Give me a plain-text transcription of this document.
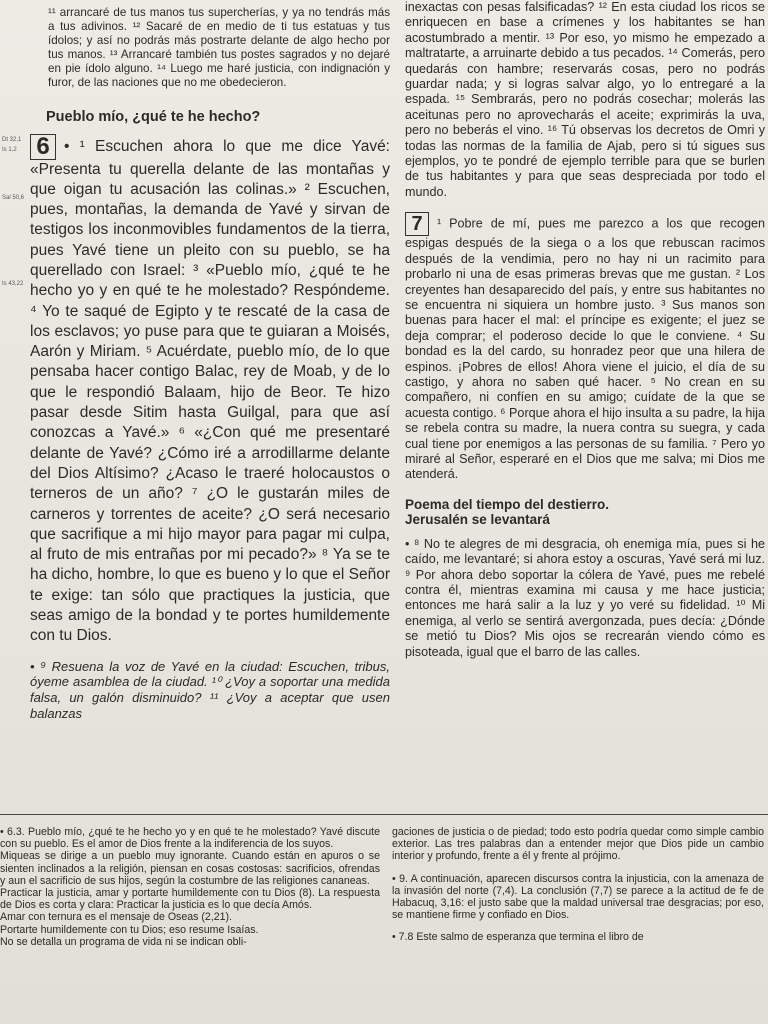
¹¹ arrancaré de tus manos tus supercherías, y ya no tendrás más a tus adivinos. ¹² Sacaré de en medio de ti tus estatuas y tus ídolos; y así no podrás más postrarte delante de algo hecho por tus manos. ¹³ Arrancaré también tus postes sagrados y no dejaré en pie ídolo alguno. ¹⁴ Luego me haré justicia, con indignación y furor, de las naciones que no me obedecieron.

Pueblo mío, ¿qué te he hecho?
Dt 32,1
Is 1,2
Sal 50,6
Is 43,22

6 • ¹ Escuchen ahora lo que me dice Yavé: «Presenta tu querella delante de las montañas y que oigan tu acusación las colinas.» ² Escuchen, pues, montañas, la demanda de Yavé y sirvan de testigos los inconmovibles fundamentos de la tierra, pues Yavé tiene un pleito con su pueblo, se ha querellado con Israel: ³ «Pueblo mío, ¿qué te he hecho yo y en qué te he molestado? Respóndeme. ⁴ Yo te saqué de Egipto y te rescaté de la casa de los esclavos; yo puse para que te guiaran a Moisés, Aarón y Miriam. ⁵ Acuérdate, pueblo mío, de lo que pensaba hacer contigo Balac, rey de Moab, y de lo que le respondió Balaam, hijo de Beor. Te hizo pasar desde Sitim hasta Guilgal, para que así conozcas a Yavé.» ⁶ «¿Con qué me presentaré delante de Yavé? ¿Cómo iré a arrodillarme delante del Dios Altísimo? ¿Acaso le traeré holocaustos o terneros de un año? ⁷ ¿O le gustarán miles de carneros y torrentes de aceite? ¿O será necesario que sacrifique a mi hijo mayor para pagar mi culpa, al fruto de mis entrañas por mi pecado?» ⁸ Ya se te ha dicho, hombre, lo que es bueno y lo que el Señor te exige: tan sólo que practiques la justicia, que seas amigo de la bondad y te portes humildemente con tu Dios.

• ⁹ Resuena la voz de Yavé en la ciudad: Escuchen, tribus, óyeme asamblea de la ciudad. ¹⁰ ¿Voy a soportar una medida falsa, un galón disminuido? ¹¹ ¿Voy a aceptar que usen balanzas

inexactas con pesas falsificadas? ¹² En esta ciudad los ricos se enriquecen en base a crímenes y los habitantes se han acostumbrado a mentir. ¹³ Por eso, yo mismo he empezado a maltratarte, a arruinarte debido a tus pecados. ¹⁴ Comerás, pero quedarás con hambre; reservarás cosas, pero no podrás guardar nada; y si logras salvar algo, yo lo entregaré a la espada. ¹⁵ Sembrarás, pero no podrás cosechar; molerás las aceitunas pero no aprovecharás el aceite; exprimirás la uva, pero no beberás el vino. ¹⁶ Tú observas los decretos de Omri y todas las normas de la familia de Ajab, pero si tú sigues sus ejemplos, yo te pondré de ejemplo terrible para que se burlen de tus habitantes y para que seas despreciada por todo el mundo.

7 ¹ Pobre de mí, pues me parezco a los que recogen espigas después de la siega o a los que rebuscan racimos después de la vendimia, pero no hay ni un racimito para probarlo ni una de esas primeras brevas que me gustan. ² Los creyentes han desaparecido del país, y entre sus habitantes no se encuentra ni siquiera un hombre justo. ³ Sus manos son buenas para hacer el mal: el príncipe es exigente; el juez se deja comprar; el poderoso decide lo que le conviene. ⁴ Su bondad es la del cardo, su honradez peor que una hilera de espinos. ¡Pobres de ellos! Ahora viene el juicio, el día de su castigo, y ahora no saben qué hacer. ⁵ No crean en su compañero, ni confíen en su amigo; cuídate de la que se acuesta contigo. ⁶ Porque ahora el hijo insulta a su padre, la hija se rebela contra su madre, la nuera contra su suegra, y cada cual tiene por enemigos a las personas de su familia. ⁷ Pero yo miraré al Señor, esperaré en el Dios que me salva; mi Dios me atenderá.

Poema del tiempo del destierro.
Jerusalén se levantará

• ⁸ No te alegres de mi desgracia, oh enemiga mía, pues si he caído, me levantaré; si ahora estoy a oscuras, Yavé será mi luz. ⁹ Por ahora debo soportar la cólera de Yavé, pues me rebelé contra él, mientras examina mi causa y me hace justicia; entonces me hará salir a la luz y yo veré su fidelidad. ¹⁰ Mi enemiga, al verlo se sentirá avergonzada, pues decía: ¿Dónde se metió tu Dios? Mis ojos se recrearán viendo cómo es pisoteada, igual que el barro de las calles.

• 6.3. Pueblo mío, ¿qué te he hecho yo y en qué te he molestado? Yavé discute con su pueblo. Es el amor de Dios frente a la indiferencia de los suyos.

Miqueas se dirige a un pueblo muy ignorante. Cuando están en apuros o se sienten inclinados a la religión, piensan en cosas costosas: sacrificios, ofrendas y aun el sacrificio de sus hijos, según la costumbre de las religiones cananeas.

Practicar la justicia, amar y portarte humildemente con tu Dios (8). La respuesta de Dios es corta y clara: Practicar la justicia es lo que decía Amós.

Amar con ternura es el mensaje de Oseas (2,21).

Portarte humildemente con tu Dios; eso resume Isaías.

No se detalla un programa de vida ni se indican obli-

gaciones de justicia o de piedad; todo esto podría quedar como simple cambio exterior. Las tres palabras dan a entender mejor que Dios pide un cambio interior y profundo, frente a él y frente al prójimo.

• 9. A continuación, aparecen discursos contra la injusticia, con la amenaza de la invasión del norte (7,4). La conclusión (7,7) se parece a la actitud de fe de Habacuq, 3,16: el justo sabe que la maldad universal trae desgracias; por eso, se mantiene firme y confiado en Dios.

• 7.8 Este salmo de esperanza que termina el libro de
